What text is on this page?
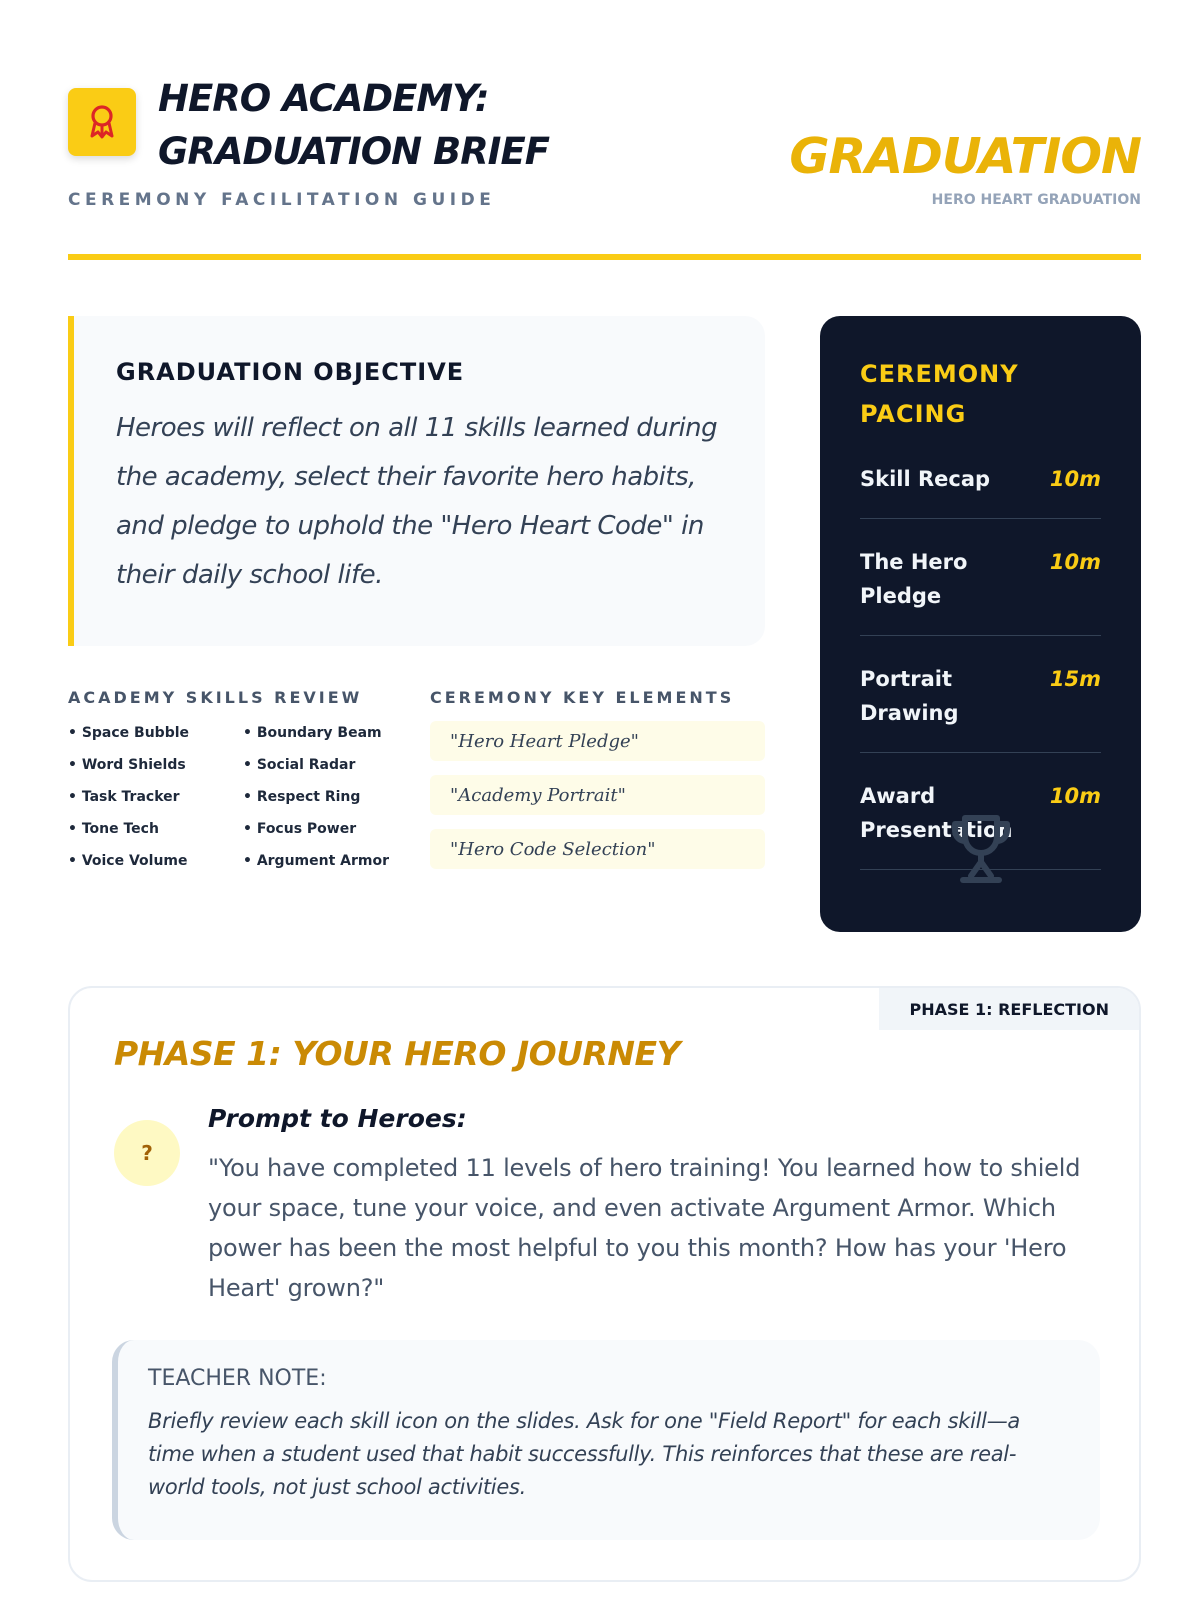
HERO ACADEMY:
GRADUATION BRIEF
CEREMONY FACILITATION GUIDE
GRADUATION
HERO HEART GRADUATION
GRADUATION OBJECTIVE
Heroes will reflect on all 11 skills learned during the academy, select their favorite hero habits, and pledge to uphold the "Hero Heart Code" in their daily school life.
ACADEMY SKILLS REVIEW
• Space Bubble	• Boundary Beam
• Word Shields	• Social Radar
• Task Tracker	• Respect Ring
• Tone Tech	• Focus Power
• Voice Volume	• Argument Armor
CEREMONY KEY ELEMENTS
"Hero Heart Pledge"
"Academy Portrait"
"Hero Code Selection"
CEREMONY
PACING
Skill Recap	10m
The Hero Pledge
10m
Portrait Drawing
15m
Award Presentation
10m
PHASE 1: REFLECTION
PHASE 1: YOUR HERO JOURNEY
?
Prompt to Heroes:
"You have completed 11 levels of hero training! You learned how to shield your space, tune your voice, and even activate Argument Armor. Which power has been the most helpful to you this month? How has your 'Hero Heart' grown?"
TEACHER NOTE:
Briefly review each skill icon on the slides. Ask for one "Field Report" for each skill—a time when a student used that habit successfully. This reinforces that these are real-world tools, not just school activities.
